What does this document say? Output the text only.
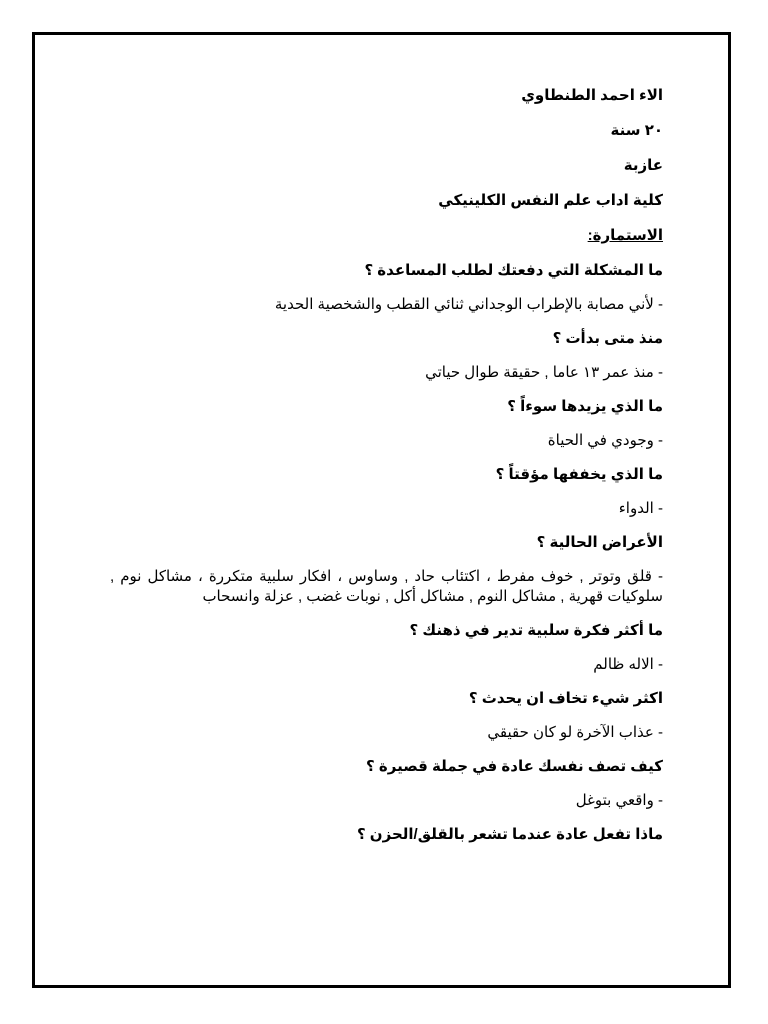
الاء احمد الطنطاوي
٢٠ سنة
عازبة
كلية اداب علم النفس الكلينيكي
الاستمارة:
ما المشكلة التي دفعتك لطلب المساعدة ؟
- لأني مصابة بالإطراب الوجداني ثنائي القطب والشخصية الحدية
منذ متى بدأت ؟
- منذ عمر ١٣ عاما , حقيقة طوال حياتي
ما الذي يزيدها سوءاً ؟
- وجودي في الحياة
ما الذي يخففها مؤقتاً ؟
- الدواء
الأعراض الحالية ؟
- قلق وتوتر , خوف مفرط ، اكتئاب حاد , وساوس ، افكار سلبية متكررة ، مشاكل نوم , سلوكيات قهرية , مشاكل النوم , مشاكل أكل , نوبات غضب , عزلة وانسحاب
ما أكثر فكرة سلبية تدير في ذهنك ؟
- الاله ظالم
اكثر شيء تخاف ان يحدث ؟
- عذاب الآخرة لو كان حقيقي
كيف تصف نفسك عادة في جملة قصيرة ؟
- واقعي بتوغل
ماذا تفعل عادة عندما تشعر بالقلق/الحزن ؟
